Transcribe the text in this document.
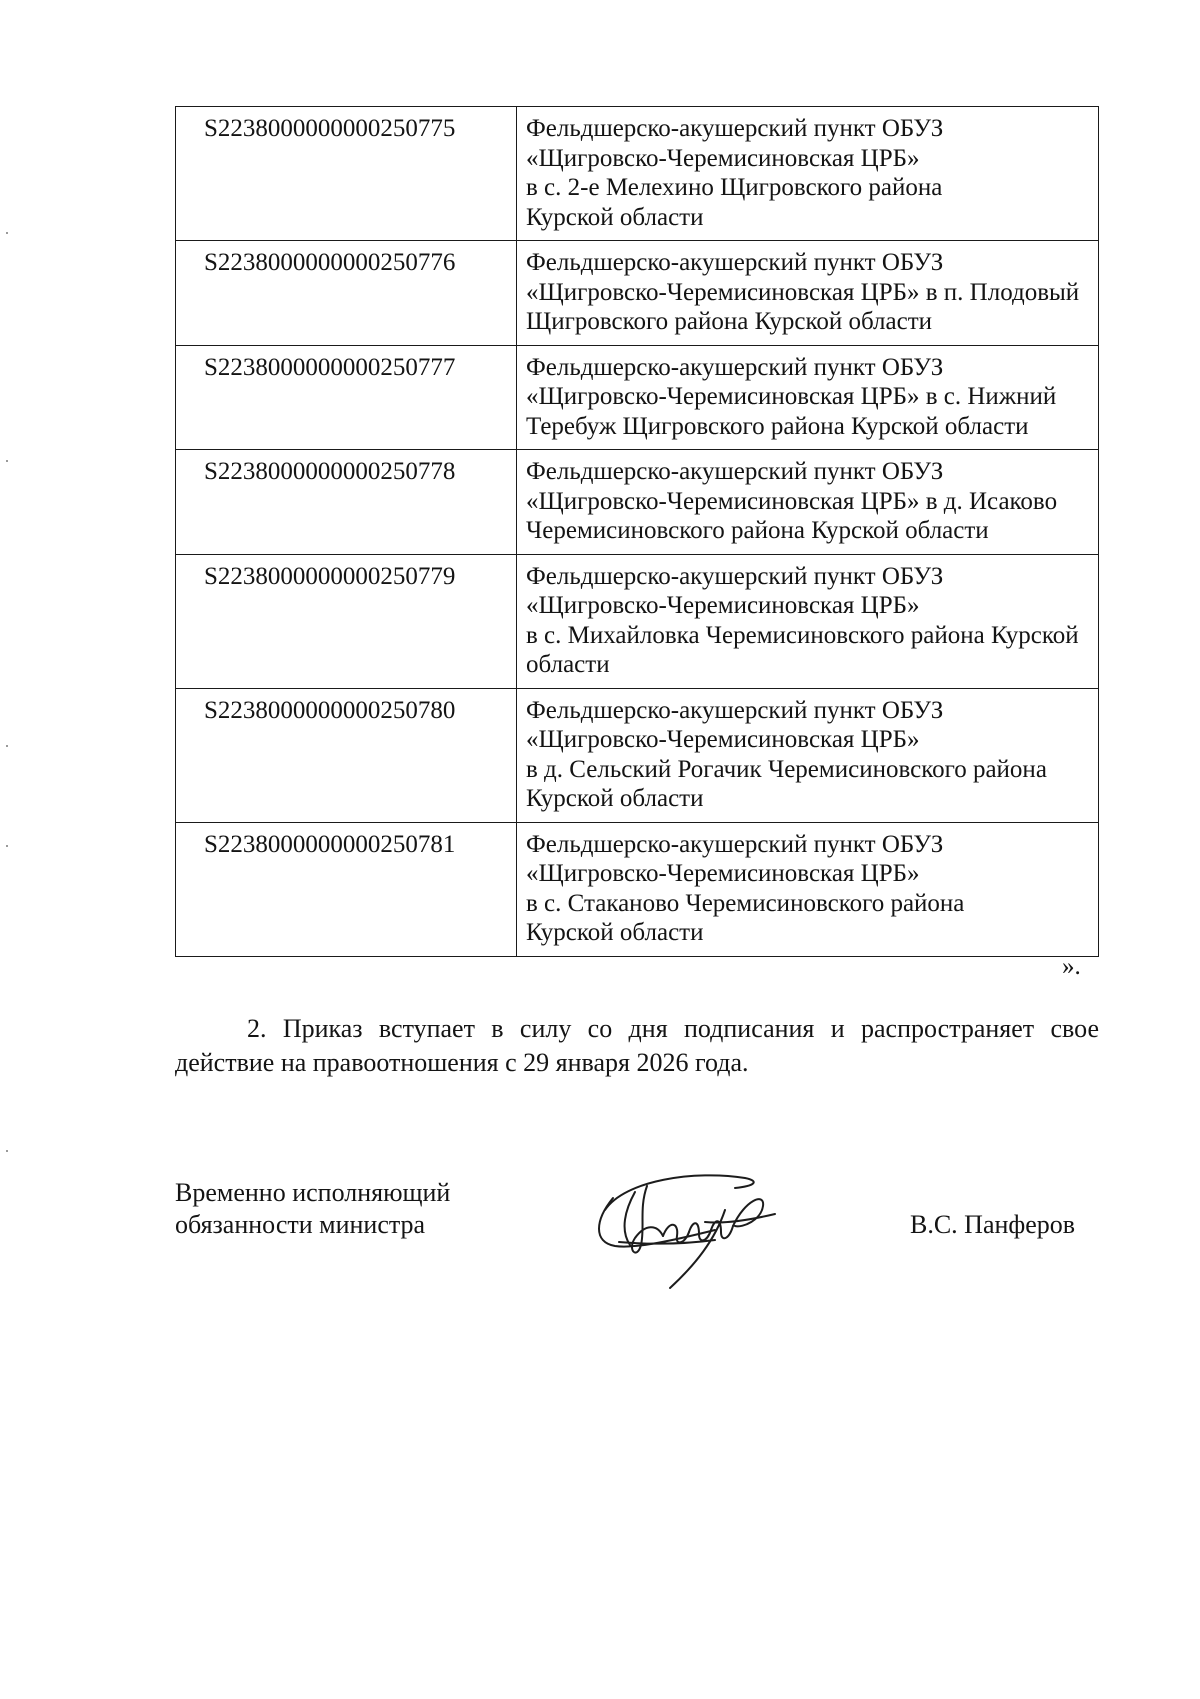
S2238000000000250775	Фельдшерско-акушерский пункт ОБУЗ
«Щигровско-Черемисиновская ЦРБ»
в с. 2-е Мелехино Щигровского района
Курской области

S2238000000000250776	Фельдшерско-акушерский пункт ОБУЗ
«Щигровско-Черемисиновская ЦРБ» в п. Плодовый
Щигровского района Курской области

S2238000000000250777	Фельдшерско-акушерский пункт ОБУЗ
«Щигровско-Черемисиновская ЦРБ» в с. Нижний
Теребуж Щигровского района Курской области

S2238000000000250778	Фельдшерско-акушерский пункт ОБУЗ
«Щигровско-Черемисиновская ЦРБ» в д. Исаково
Черемисиновского района Курской области

S2238000000000250779	Фельдшерско-акушерский пункт ОБУЗ
«Щигровско-Черемисиновская ЦРБ»
в с. Михайловка Черемисиновского района Курской
области

S2238000000000250780	Фельдшерско-акушерский пункт ОБУЗ
«Щигровско-Черемисиновская ЦРБ»
в д. Сельский Рогачик Черемисиновского района
Курской области

S2238000000000250781	Фельдшерско-акушерский пункт ОБУЗ
«Щигровско-Черемисиновская ЦРБ»
в с. Стаканово Черемисиновского района
Курской области
».
2. Приказ вступает в силу со дня подписания и распространяет свое
действие на правоотношения с 29 января 2026 года.
Временно исполняющий
обязанности министра	В.С. Панферов
